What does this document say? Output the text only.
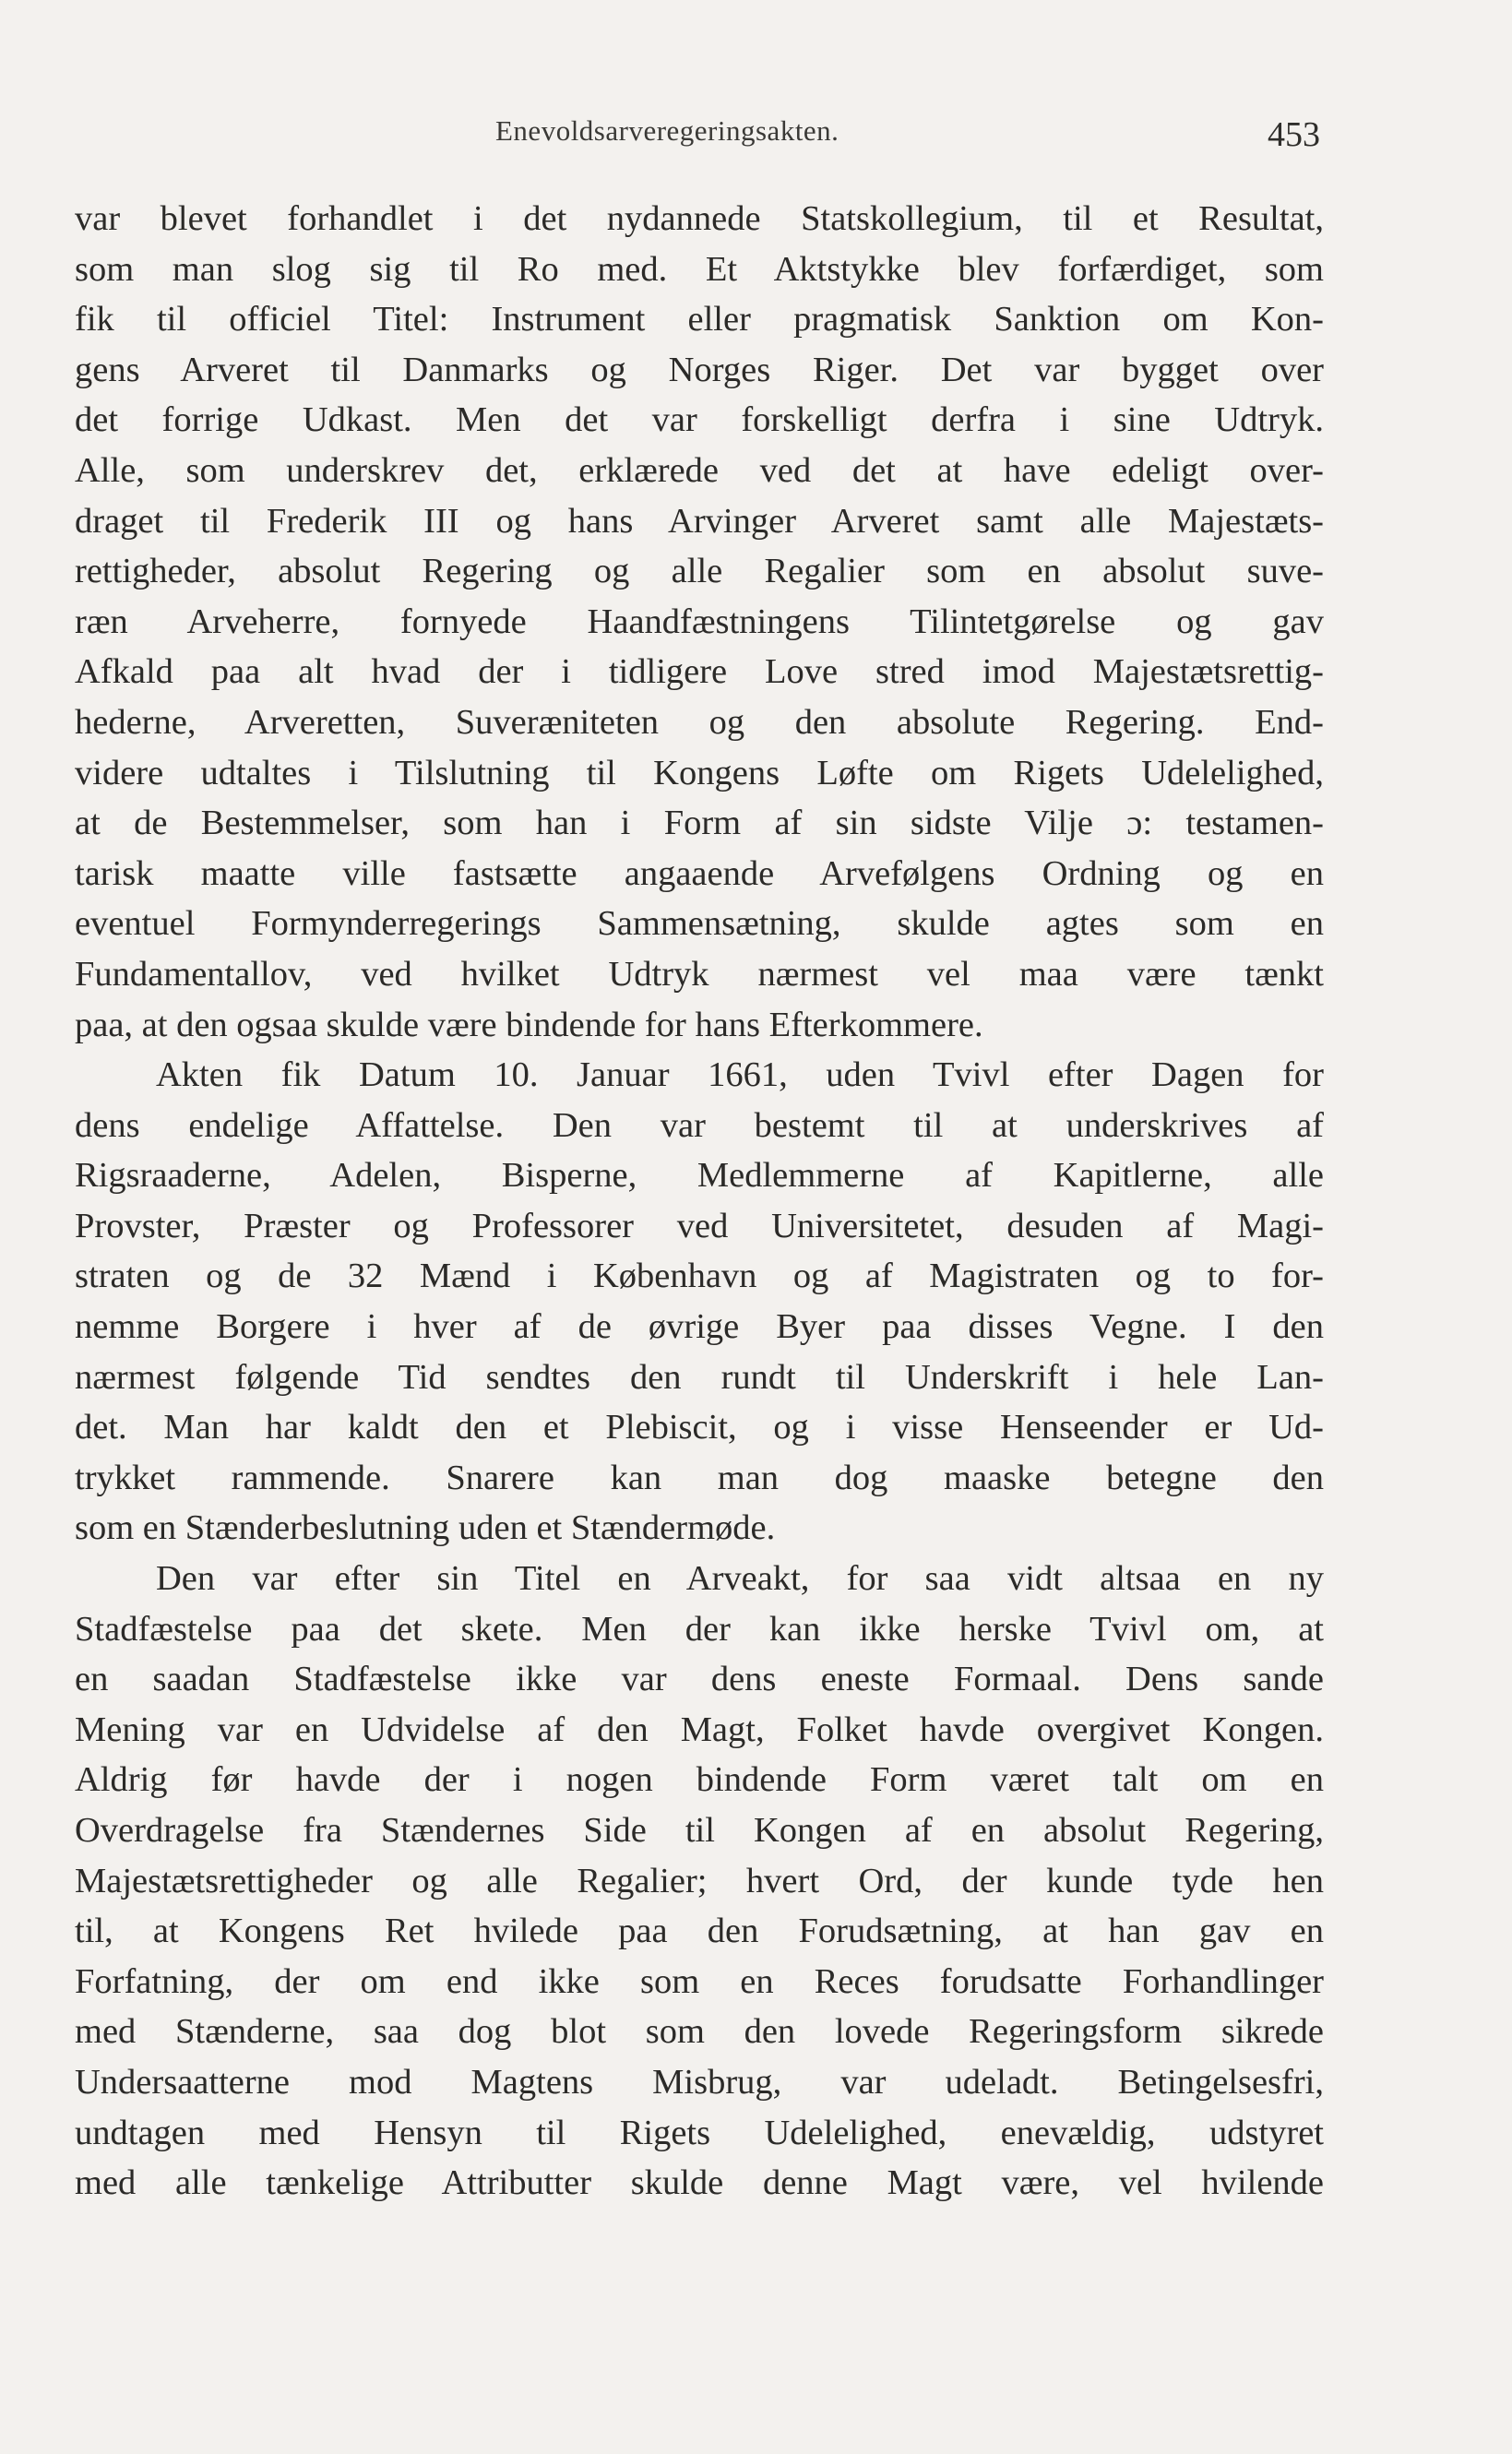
Enevoldsarveregeringsakten.	453
var blevet forhandlet i det nydannede Statskollegium, til et Resultat,
som man slog sig til Ro med. Et Aktstykke blev forfærdiget, som
fik til officiel Titel: Instrument eller pragmatisk Sanktion om Kon-
gens Arveret til Danmarks og Norges Riger. Det var bygget over
det forrige Udkast. Men det var forskelligt derfra i sine Udtryk.
Alle, som underskrev det, erklærede ved det at have edeligt over-
draget til Frederik III og hans Arvinger Arveret samt alle Majestæts-
rettigheder, absolut Regering og alle Regalier som en absolut suve-
ræn Arveherre, fornyede Haandfæstningens Tilintetgørelse og gav
Afkald paa alt hvad der i tidligere Love stred imod Majestætsrettig-
hederne, Arveretten, Suveræniteten og den absolute Regering. End-
videre udtaltes i Tilslutning til Kongens Løfte om Rigets Udelelighed,
at de Bestemmelser, som han i Form af sin sidste Vilje ɔ: testamen-
tarisk maatte ville fastsætte angaaende Arvefølgens Ordning og en
eventuel Formynderregerings Sammensætning, skulde agtes som en
Fundamentallov, ved hvilket Udtryk nærmest vel maa være tænkt
paa, at den ogsaa skulde være bindende for hans Efterkommere.
Akten fik Datum 10. Januar 1661, uden Tvivl efter Dagen for
dens endelige Affattelse. Den var bestemt til at underskrives af
Rigsraaderne, Adelen, Bisperne, Medlemmerne af Kapitlerne, alle
Provster, Præster og Professorer ved Universitetet, desuden af Magi-
straten og de 32 Mænd i København og af Magistraten og to for-
nemme Borgere i hver af de øvrige Byer paa disses Vegne. I den
nærmest følgende Tid sendtes den rundt til Underskrift i hele Lan-
det. Man har kaldt den et Plebiscit, og i visse Henseender er Ud-
trykket rammende. Snarere kan man dog maaske betegne den
som en Stænderbeslutning uden et Stændermøde.
Den var efter sin Titel en Arveakt, for saa vidt altsaa en ny
Stadfæstelse paa det skete. Men der kan ikke herske Tvivl om, at
en saadan Stadfæstelse ikke var dens eneste Formaal. Dens sande
Mening var en Udvidelse af den Magt, Folket havde overgivet Kongen.
Aldrig før havde der i nogen bindende Form været talt om en
Overdragelse fra Stændernes Side til Kongen af en absolut Regering,
Majestætsrettigheder og alle Regalier; hvert Ord, der kunde tyde hen
til, at Kongens Ret hvilede paa den Forudsætning, at han gav en
Forfatning, der om end ikke som en Reces forudsatte Forhandlinger
med Stænderne, saa dog blot som den lovede Regeringsform sikrede
Undersaatterne mod Magtens Misbrug, var udeladt. Betingelsesfri,
undtagen med Hensyn til Rigets Udelelighed, enevældig, udstyret
med alle tænkelige Attributter skulde denne Magt være, vel hvilende
